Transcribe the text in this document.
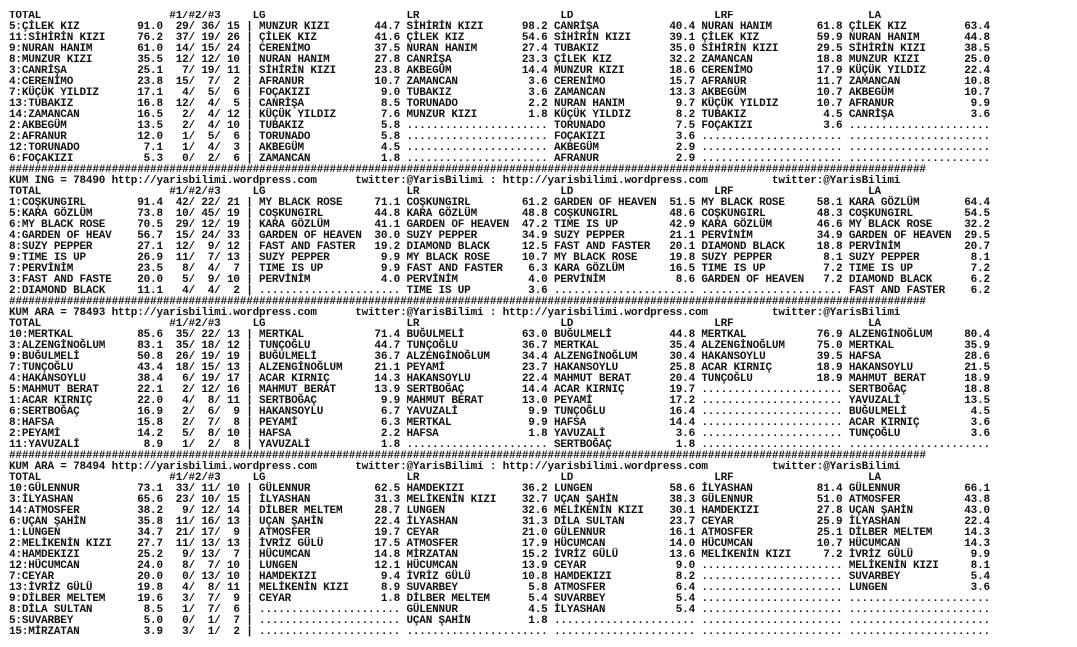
TOTAL                    #1/#2/#3     LG                      LR                      LD                      LRF                     LA
5:ÇİLEK KIZ         91.0  29/ 36/ 15 | MUNZUR KIZI       44.7 SİHİRİN KIZI      98.2 CANRİŞA           40.4 NURAN HANIM       61.8 ÇİLEK KIZ         63.4
11:SİHİRİN KIZI     76.2  37/ 19/ 26 | ÇİLEK KIZ         41.6 ÇİLEK KIZ         54.6 SİHİRİN KIZI      39.1 ÇİLEK KIZ         59.9 NURAN HANIM       44.8
9:NURAN HANIM       61.0  14/ 15/ 24 | CERENİMO          37.5 NURAN HANIM       27.4 TUBAKIZ           35.0 SİHİRİN KIZI      29.5 SİHİRİN KIZI      38.5
8:MUNZUR KIZI       35.5  12/ 12/ 10 | NURAN HANIM       27.8 CANRİŞA           23.3 ÇİLEK KIZ         32.2 ZAMANCAN          18.8 MUNZUR KIZI       25.0
3:CANRİŞA           25.1   7/ 19/ 11 | SİHİRİN KIZI      23.8 AKBEGÜM           14.4 MUNZUR KIZI       18.6 CERENİMO          17.9 KÜÇÜK YILDIZ      22.4
4:CERENİMO          23.8  15/  7/  2 | AFRANUR           10.7 ZAMANCAN           3.6 CERENİMO          15.7 AFRANUR           11.7 ZAMANCAN          10.8
7:KÜÇÜK YILDIZ      17.1   4/  5/  6 | FOÇAKIZI           9.0 TUBAKIZ            3.6 ZAMANCAN          13.3 AKBEGÜM           10.7 AKBEGÜM           10.7
13:TUBAKIZ          16.8  12/  4/  5 | CANRİŞA            8.5 TORUNADO           2.2 NURAN HANIM        9.7 KÜÇÜK YILDIZ      10.7 AFRANUR            9.9
14:ZAMANCAN         16.5   2/  4/ 12 | KÜÇÜK YILDIZ       7.6 MUNZUR KIZI        1.8 KÜÇÜK YILDIZ       8.2 TUBAKIZ            4.5 CANRİŞA            3.6
2:AKBEGÜM           13.5   2/  4/ 10 | TUBAKIZ            5.8 ...................... TORUNADO           7.5 FOÇAKIZI           3.6 ......................
2:AFRANUR           12.0   1/  5/  6 | TORUNADO           5.8 ...................... FOÇAKIZI           3.6 ...................... ......................
12:TORUNADO          7.1   1/  4/  3 | AKBEGÜM            4.5 ...................... AKBEGÜM            2.9 ...................... ......................
6:FOÇAKIZI           5.3   0/  2/  6 | ZAMANCAN           1.8 ...................... AFRANUR            2.9 ...................... ......................
###############################################################################################################################################
KUM ING = 78490 http://yarisbilimi.wordpress.com      twitter:@YarisBilimi : http://yarisbilimi.wordpress.com          twitter:@YarisBilimi
TOTAL                    #1/#2/#3     LG                      LR                      LD                      LRF                     LA
1:COŞKUNGIRL        91.4  42/ 22/ 21 | MY BLACK ROSE     71.1 COŞKUNGIRL        61.2 GARDEN OF HEAVEN  51.5 MY BLACK ROSE     58.1 KARA GÖZLÜM       64.4
5:KARA GÖZLÜM       73.8  10/ 45/ 19 | COŞKUNGIRL        44.8 KARA GÖZLÜM       48.8 COŞKUNGIRL        48.6 COŞKUNGIRL        48.3 COŞKUNGIRL        54.5
6:MY BLACK ROSE     70.5  29/ 12/ 19 | KARA GÖZLÜM       41.1 GARDEN OF HEAVEN  47.2 TIME IS UP        42.9 KARA GÖZLÜM       46.6 MY BLACK ROSE     32.2
4:GARDEN OF HEAV    56.7  15/ 24/ 33 | GARDEN OF HEAVEN  30.0 SUZY PEPPER       34.9 SUZY PEPPER       21.1 PERVİNİM          34.9 GARDEN OF HEAVEN  29.5
8:SUZY PEPPER       27.1  12/  9/ 12 | FAST AND FASTER   19.2 DIAMOND BLACK     12.5 FAST AND FASTER   20.1 DIAMOND BLACK     18.8 PERVİNİM          20.7
9:TIME IS UP        26.9  11/  7/ 13 | SUZY PEPPER        9.9 MY BLACK ROSE     10.7 MY BLACK ROSE     19.8 SUZY PEPPER        8.1 SUZY PEPPER        8.1
7:PERVİNİM          23.5   8/  4/  7 | TIME IS UP         9.9 FAST AND FASTER    6.3 KARA GÖZLÜM       16.5 TIME IS UP         7.2 TIME IS UP         7.2
3:FAST AND FASTE    20.0   5/  9/ 10 | PERVİNİM           4.0 PERVİNİM           4.0 PERVİNİM           8.6 GARDEN OF HEAVEN   7.2 DIAMOND BLACK      6.2
2:DIAMOND BLACK     11.1   4/  4/  2 | ...................... TIME IS UP         3.6 ...................... ...................... FAST AND FASTER    6.2
###############################################################################################################################################
KUM ARA = 78493 http://yarisbilimi.wordpress.com      twitter:@YarisBilimi : http://yarisbilimi.wordpress.com          twitter:@YarisBilimi
TOTAL                    #1/#2/#3     LG                      LR                      LD                      LRF                     LA
10:MERTKAL          85.6  35/ 22/ 13 | MERTKAL           71.4 BUĞULMELİ         63.0 BUĞULMELİ         44.8 MERTKAL           76.9 ALZENGİNOĞLUM     80.4
3:ALZENGİNOĞLUM     83.1  35/ 18/ 12 | TUNÇOĞLU          44.7 TUNÇOĞLU          36.7 MERTKAL           35.4 ALZENGİNOĞLUM     75.0 MERTKAL           35.9
9:BUĞULMELİ         50.8  26/ 19/ 19 | BUĞULMELİ         36.7 ALZENGİNOĞLUM     34.4 ALZENGİNOĞLUM     30.4 HAKANSOYLU        39.5 HAFSA             28.6
7:TUNÇOĞLU          43.4  18/ 15/ 13 | ALZENGİNOĞLUM     21.1 PEYAMİ            23.7 HAKANSOYLU        25.8 ACAR KIRNIÇ       18.9 HAKANSOYLU        21.5
4:HAKANSOYLU        38.4   6/ 19/ 17 | ACAR KIRNIÇ       14.3 HAKANSOYLU        22.4 MAHMUT BERAT      20.4 TUNÇOĞLU          18.9 MAHMUT BERAT      18.9
5:MAHMUT BERAT      22.1   2/ 12/ 16 | MAHMUT BERAT      13.9 SERTBOĞAÇ         14.4 ACAR KIRNIÇ       19.7 ...................... SERTBOĞAÇ         18.8
1:ACAR KIRNIÇ       22.0   4/  8/ 11 | SERTBOĞAÇ          9.9 MAHMUT BERAT      13.0 PEYAMİ            17.2 ...................... YAVUZALİ          13.5
6:SERTBOĞAÇ         16.9   2/  6/  9 | HAKANSOYLU         6.7 YAVUZALİ           9.9 TUNÇOĞLU          16.4 ...................... BUĞULMELİ          4.5
8:HAFSA             15.8   2/  7/  8 | PEYAMİ             6.3 MERTKAL            9.9 HAFSA             14.4 ...................... ACAR KIRNIÇ        3.6
2:PEYAMİ            14.2   5/  8/ 10 | HAFSA              2.2 HAFSA              1.8 YAVUZALİ           3.6 ...................... TUNÇOĞLU           3.6
11:YAVUZALİ          8.9   1/  2/  8 | YAVUZALİ           1.8 ...................... SERTBOĞAÇ          1.8 ...................... ......................
###############################################################################################################################################
KUM ARA = 78494 http://yarisbilimi.wordpress.com      twitter:@YarisBilimi : http://yarisbilimi.wordpress.com          twitter:@YarisBilimi
TOTAL                    #1/#2/#3     LG                      LR                      LD                      LRF                     LA
10:GÜLENNUR         73.1  33/ 11/ 10 | GÜLENNUR          62.5 HAMDEKIZI         36.2 LUNGEN            58.6 İLYASHAN          81.4 GÜLENNUR          66.1
3:İLYASHAN          65.6  23/ 10/ 15 | İLYASHAN          31.3 MELİKENİN KIZI    32.7 UÇAN ŞAHİN        38.3 GÜLENNUR          51.0 ATMOSFER          43.8
14:ATMOSFER         38.2   9/ 12/ 14 | DİLBER MELTEM     28.7 LUNGEN            32.6 MELİKENİN KIZI    30.1 HAMDEKIZI         27.8 UÇAN ŞAHİN        43.0
6:UÇAN ŞAHİN        35.8  11/ 16/ 13 | UÇAN ŞAHİN        22.4 İLYASHAN          31.3 DİLA SULTAN       23.7 CEYAR             25.9 İLYASHAN          22.4
1:LUNGEN            34.7  21/ 17/  9 | ATMOSFER          19.7 CEYAR             21.0 GÜLENNUR          16.1 ATMOSFER          25.1 DİLBER MELTEM     14.3
2:MELİKENİN KIZI    27.7  11/ 13/ 13 | İVRİZ GÜLÜ        17.5 ATMOSFER          17.9 HÜCUMCAN          14.0 HÜCUMCAN          10.7 HÜCUMCAN          14.3
4:HAMDEKIZI         25.2   9/ 13/  7 | HÜCUMCAN          14.8 MİRZATAN          15.2 İVRİZ GÜLÜ        13.6 MELİKENİN KIZI     7.2 İVRİZ GÜLÜ         9.9
12:HÜCUMCAN         24.0   8/  7/ 10 | LUNGEN            12.1 HÜCUMCAN          13.9 CEYAR              9.0 ...................... MELİKENİN KIZI     8.1
7:CEYAR             20.0   0/ 13/ 10 | HAMDEKIZI          9.4 İVRİZ GÜLÜ        10.8 HAMDEKIZI          8.2 ...................... SUVARBEY           5.4
13:İVRİZ GÜLÜ       19.8   4/  8/ 11 | MELİKENİN KIZI     8.9 SUVARBEY           5.8 ATMOSFER           6.4 ...................... LUNGEN             3.6
9:DİLBER MELTEM     19.6   3/  7/  9 | CEYAR              1.8 DİLBER MELTEM      5.4 SUVARBEY           5.4 ...................... ......................
8:DİLA SULTAN        8.5   1/  7/  6 | ...................... GÜLENNUR           4.5 İLYASHAN           5.4 ...................... ......................
5:SUVARBEY           5.0   0/  1/  7 | ...................... UÇAN ŞAHİN         1.8 ...................... ...................... ......................
15:MİRZATAN          3.9   3/  1/  2 | ...................... ...................... ...................... ...................... ......................
